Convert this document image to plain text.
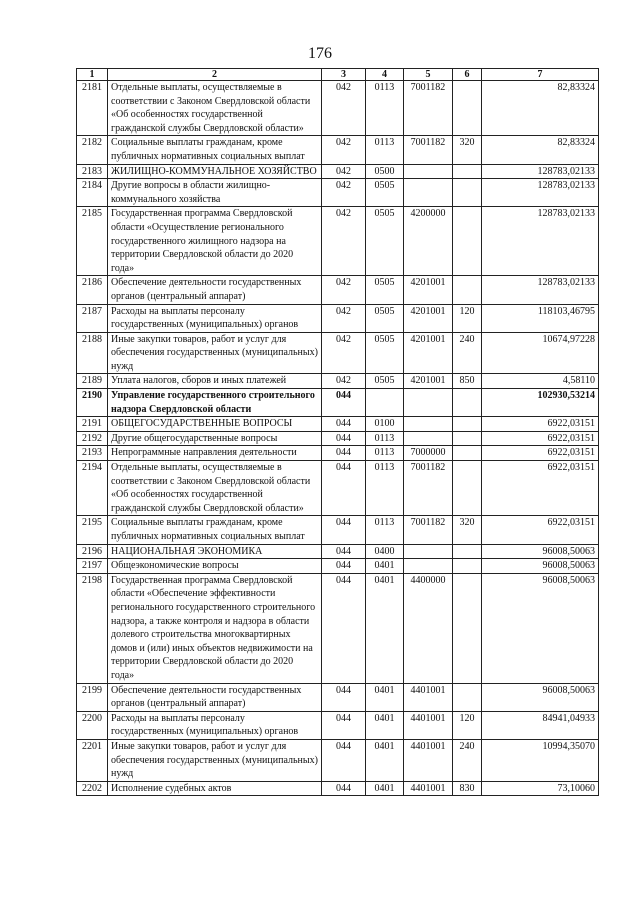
176
1	2	3	4	5	6	7
2181	Отдельные выплаты, осуществляемые в соответствии с Законом Свердловской области «Об особенностях государственной гражданской службы Свердловской области»	042	0113	7001182		82,83324
2182	Социальные выплаты гражданам, кроме публичных нормативных социальных выплат	042	0113	7001182	320	82,83324
2183	ЖИЛИЩНО-КОММУНАЛЬНОЕ ХОЗЯЙСТВО	042	0500			128783,02133
2184	Другие вопросы в области жилищно-коммунального хозяйства	042	0505			128783,02133
2185	Государственная программа Свердловской области «Осуществление регионального государственного жилищного надзора на территории Свердловской области до 2020 года»	042	0505	4200000		128783,02133
2186	Обеспечение деятельности государственных органов (центральный аппарат)	042	0505	4201001		128783,02133
2187	Расходы на выплаты персоналу государственных (муниципальных) органов	042	0505	4201001	120	118103,46795
2188	Иные закупки товаров, работ и услуг для обеспечения государственных (муниципальных) нужд	042	0505	4201001	240	10674,97228
2189	Уплата налогов, сборов и иных платежей	042	0505	4201001	850	4,58110
2190	Управление государственного строительного надзора Свердловской области	044				102930,53214
2191	ОБЩЕГОСУДАРСТВЕННЫЕ ВОПРОСЫ	044	0100			6922,03151
2192	Другие общегосударственные вопросы	044	0113			6922,03151
2193	Непрограммные направления деятельности	044	0113	7000000		6922,03151
2194	Отдельные выплаты, осуществляемые в соответствии с Законом Свердловской области «Об особенностях государственной гражданской службы Свердловской области»	044	0113	7001182		6922,03151
2195	Социальные выплаты гражданам, кроме публичных нормативных социальных выплат	044	0113	7001182	320	6922,03151
2196	НАЦИОНАЛЬНАЯ ЭКОНОМИКА	044	0400			96008,50063
2197	Общеэкономические вопросы	044	0401			96008,50063
2198	Государственная программа Свердловской области «Обеспечение эффективности регионального государственного строительного надзора, а также контроля и надзора в области долевого строительства многоквартирных домов и (или) иных объектов недвижимости на территории Свердловской области до 2020 года»	044	0401	4400000		96008,50063
2199	Обеспечение деятельности государственных органов (центральный аппарат)	044	0401	4401001		96008,50063
2200	Расходы на выплаты персоналу государственных (муниципальных) органов	044	0401	4401001	120	84941,04933
2201	Иные закупки товаров, работ и услуг для обеспечения государственных (муниципальных) нужд	044	0401	4401001	240	10994,35070
2202	Исполнение судебных актов	044	0401	4401001	830	73,10060
